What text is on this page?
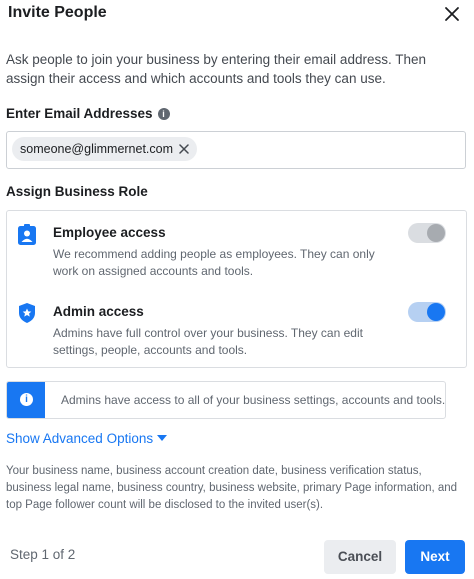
Invite People
Ask people to join your business by entering their email address. Then assign their access and which accounts and tools they can use.
Enter Email Addresses i
someone@glimmernet.com
Assign Business Role
Employee access
We recommend adding people as employees. They can only work on assigned accounts and tools.
Admin access
Admins have full control over your business. They can edit settings, people, accounts and tools.
i	Admins have access to all of your business settings, accounts and tools.
Show Advanced Options
Your business name, business account creation date, business verification status, business legal name, business country, business website, primary Page information, and top Page follower count will be disclosed to the invited user(s).
Step 1 of 2	Cancel	Next
